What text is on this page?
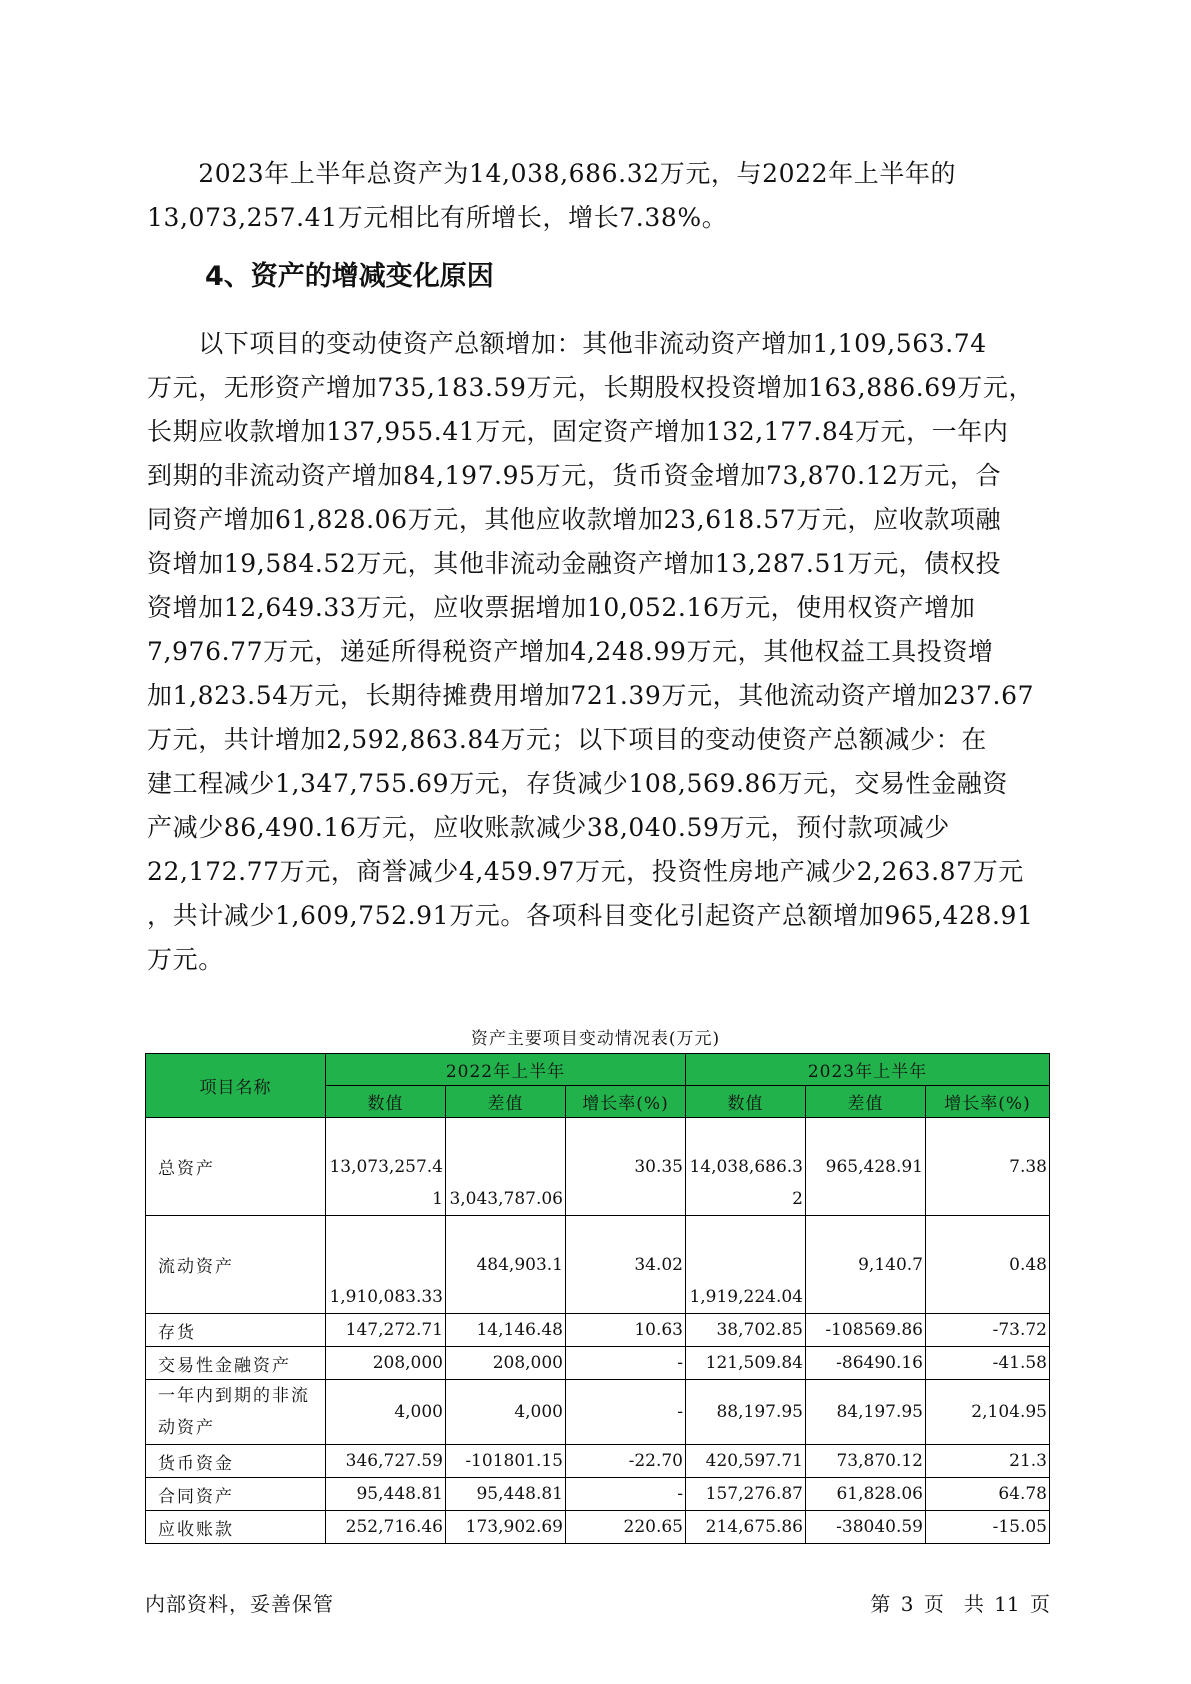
　　2023年上半年总资产为14,038,686.32万元，与2022年上半年的
13,073,257.41万元相比有所增长，增长7.38%。
4、资产的增减变化原因
　　以下项目的变动使资产总额增加：其他非流动资产增加1,109,563.74
万元，无形资产增加735,183.59万元，长期股权投资增加163,886.69万元，
长期应收款增加137,955.41万元，固定资产增加132,177.84万元，一年内
到期的非流动资产增加84,197.95万元，货币资金增加73,870.12万元，合
同资产增加61,828.06万元，其他应收款增加23,618.57万元，应收款项融
资增加19,584.52万元，其他非流动金融资产增加13,287.51万元，债权投
资增加12,649.33万元，应收票据增加10,052.16万元，使用权资产增加
7,976.77万元，递延所得税资产增加4,248.99万元，其他权益工具投资增
加1,823.54万元，长期待摊费用增加721.39万元，其他流动资产增加237.67
万元，共计增加2,592,863.84万元；以下项目的变动使资产总额减少：在
建工程减少1,347,755.69万元，存货减少108,569.86万元，交易性金融资
产减少86,490.16万元，应收账款减少38,040.59万元，预付款项减少
22,172.77万元，商誉减少4,459.97万元，投资性房地产减少2,263.87万元
，共计减少1,609,752.91万元。各项科目变化引起资产总额增加965,428.91
万元。
资产主要项目变动情况表(万元)
项目名称	2022年上半年			2023年上半年		
	数值	差值	增长率(%)	数值	差值	增长率(%)
总资产	13,073,257.41	3,043,787.06	30.35	14,038,686.32	965,428.91	7.38
流动资产	1,910,083.33	484,903.1	34.02	1,919,224.04	9,140.7	0.48
存货	147,272.71	14,146.48	10.63	38,702.85	-108569.86	-73.72
交易性金融资产	208,000	208,000	-	121,509.84	-86490.16	-41.58
一年内到期的非流动资产	4,000	4,000	-	88,197.95	84,197.95	2,104.95
货币资金	346,727.59	-101801.15	-22.70	420,597.71	73,870.12	21.3
合同资产	95,448.81	95,448.81	-	157,276.87	61,828.06	64.78
应收账款	252,716.46	173,902.69	220.65	214,675.86	-38040.59	-15.05
内部资料，妥善保管	第 3 页　共 11 页
